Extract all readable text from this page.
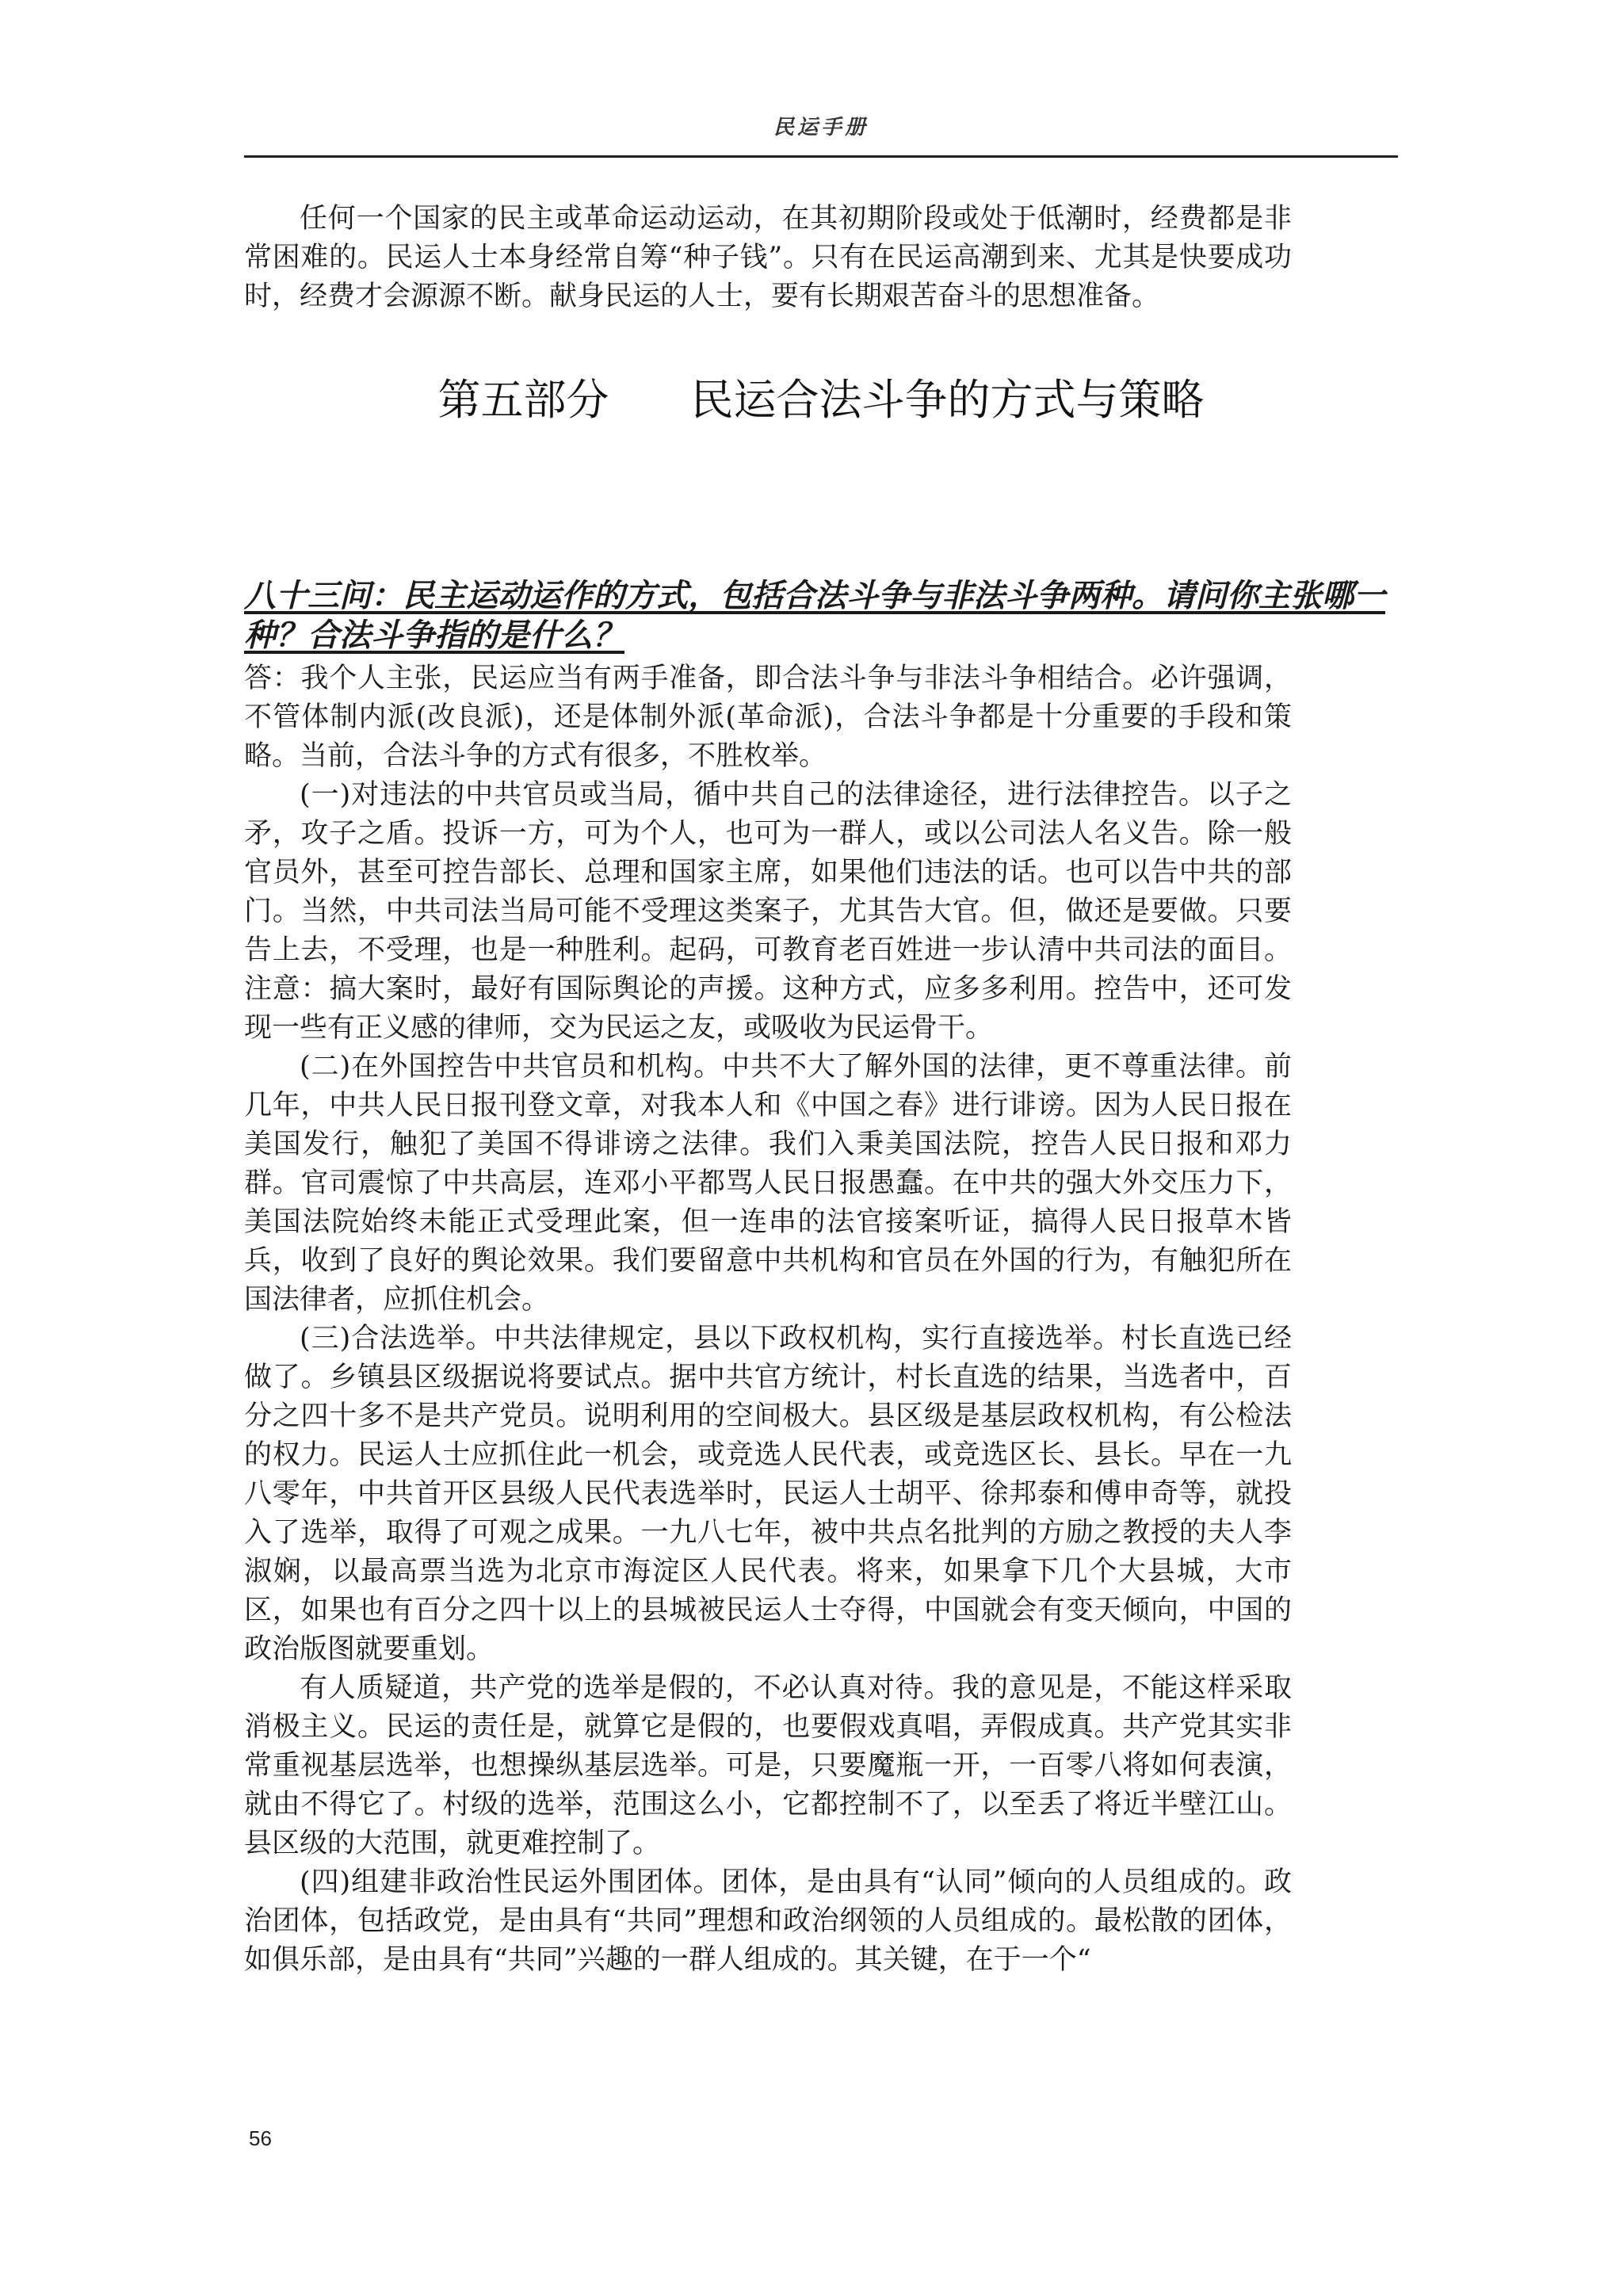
民运手册

任何一个国家的民主或革命运动运动，在其初期阶段或处于低潮时，经费都是非常困难的。民运人士本身经常自筹“种子钱”。只有在民运高潮到来、尤其是快要成功时，经费才会源源不断。献身民运的人士，要有长期艰苦奋斗的思想准备。

第五部分      民运合法斗争的方式与策略
八十三问：民主运动运作的方式，包括合法斗争与非法斗争两种。请问你主张哪一种？合法斗争指的是什么？

答：我个人主张，民运应当有两手准备，即合法斗争与非法斗争相结合。必许强调，不管体制内派(改良派)，还是体制外派(革命派)，合法斗争都是十分重要的手段和策略。当前，合法斗争的方式有很多，不胜枚举。

(一)对违法的中共官员或当局，循中共自己的法律途径，进行法律控告。以子之矛，攻子之盾。投诉一方，可为个人，也可为一群人，或以公司法人名义告。除一般官员外，甚至可控告部长、总理和国家主席，如果他们违法的话。也可以告中共的部门。当然，中共司法当局可能不受理这类案子，尤其告大官。但，做还是要做。只要告上去，不受理，也是一种胜利。起码，可教育老百姓进一步认清中共司法的面目。注意：搞大案时，最好有国际舆论的声援。这种方式，应多多利用。控告中，还可发现一些有正义感的律师，交为民运之友，或吸收为民运骨干。

(二)在外国控告中共官员和机构。中共不大了解外国的法律，更不尊重法律。前几年，中共人民日报刊登文章，对我本人和《中国之春》进行诽谤。因为人民日报在美国发行，触犯了美国不得诽谤之法律。我们入秉美国法院，控告人民日报和邓力群。官司震惊了中共高层，连邓小平都骂人民日报愚蠢。在中共的强大外交压力下，美国法院始终未能正式受理此案，但一连串的法官接案听证，搞得人民日报草木皆兵，收到了良好的舆论效果。我们要留意中共机构和官员在外国的行为，有触犯所在国法律者，应抓住机会。

(三)合法选举。中共法律规定，县以下政权机构，实行直接选举。村长直选已经做了。乡镇县区级据说将要试点。据中共官方统计，村长直选的结果，当选者中，百分之四十多不是共产党员。说明利用的空间极大。县区级是基层政权机构，有公检法的权力。民运人士应抓住此一机会，或竞选人民代表，或竞选区长、县长。早在一九八零年，中共首开区县级人民代表选举时，民运人士胡平、徐邦泰和傅申奇等，就投入了选举，取得了可观之成果。一九八七年，被中共点名批判的方励之教授的夫人李淑娴，以最高票当选为北京市海淀区人民代表。将来，如果拿下几个大县城，大市区，如果也有百分之四十以上的县城被民运人士夺得，中国就会有变天倾向，中国的政治版图就要重划。

有人质疑道，共产党的选举是假的，不必认真对待。我的意见是，不能这样采取消极主义。民运的责任是，就算它是假的，也要假戏真唱，弄假成真。共产党其实非常重视基层选举，也想操纵基层选举。可是，只要魔瓶一开，一百零八将如何表演，就由不得它了。村级的选举，范围这么小，它都控制不了，以至丢了将近半壁江山。县区级的大范围，就更难控制了。

(四)组建非政治性民运外围团体。团体，是由具有“认同”倾向的人员组成的。政治团体，包括政党，是由具有“共同”理想和政治纲领的人员组成的。最松散的团体，如俱乐部，是由具有“共同”兴趣的一群人组成的。其关键，在于一个“

56
